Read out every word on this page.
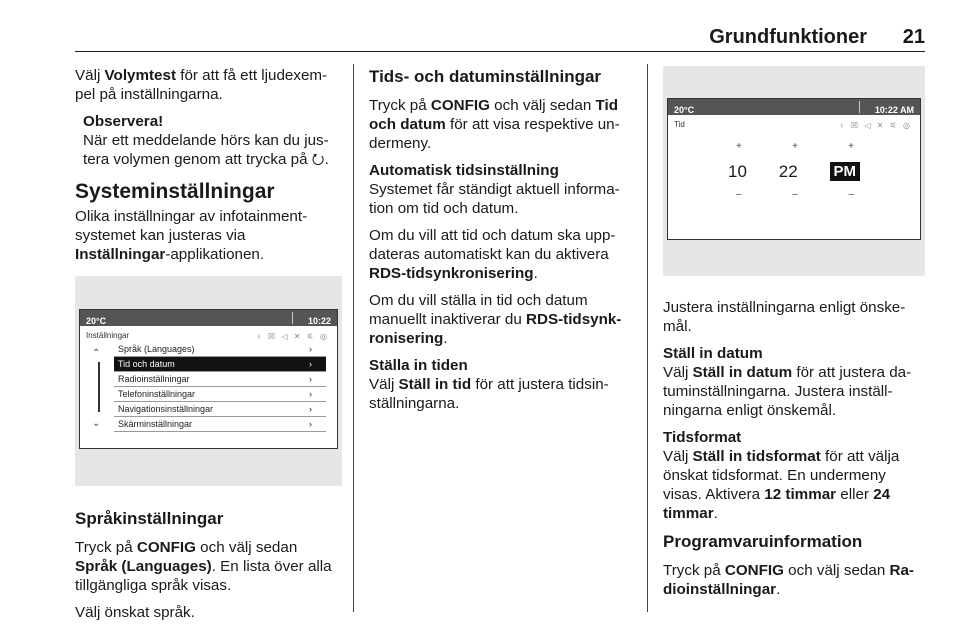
Grundfunktioner 21

Välj Volymtest för att få ett ljudexem-pel på inställningarna.

Observera!
När ett meddelande hörs kan du jus-tera volymen genom att trycka på ⭮.
Systeminställningar

Olika inställningar av infotainment-systemet kan justeras via Inställningar-applikationen.

20°C	10:22
Inställningar	♀ ☒ ◁ ✕ ⚟ ◎
⌃
⌄
Språk (Languages)	›
Tid och datum	›
Radioinställningar	›
Telefoninställningar	›
Navigationsinställningar	›
Skärminställningar	›
Språkinställningar

Tryck på CONFIG och välj sedan Språk (Languages). En lista över alla tillgängliga språk visas.

Välj önskat språk.

Tids- och datuminställningar

Tryck på CONFIG och välj sedan Tid och datum för att visa respektive un-dermeny.

Automatisk tidsinställning

Systemet får ständigt aktuell informa-tion om tid och datum.

Om du vill att tid och datum ska upp-dateras automatiskt kan du aktivera RDS-tidsynkronisering.

Om du vill ställa in tid och datum manuellt inaktiverar du RDS-tidsynk-ronisering.

Ställa in tiden

Välj Ställ in tid för att justera tidsin-ställningarna.

20°C	10:22 AM
Tid	♀ ☒ ◁ ✕ ⚟ ◎
+	+	+
10 22 PM
–	–	–

Justera inställningarna enligt önske-mål.

Ställ in datum

Välj Ställ in datum för att justera da-tuminställningarna. Justera inställ-ningarna enligt önskemål.

Tidsformat

Välj Ställ in tidsformat för att välja önskat tidsformat. En undermeny visas. Aktivera 12 timmar eller 24 timmar.

Programvaruinformation

Tryck på CONFIG och välj sedan Ra-dioinställningar.
